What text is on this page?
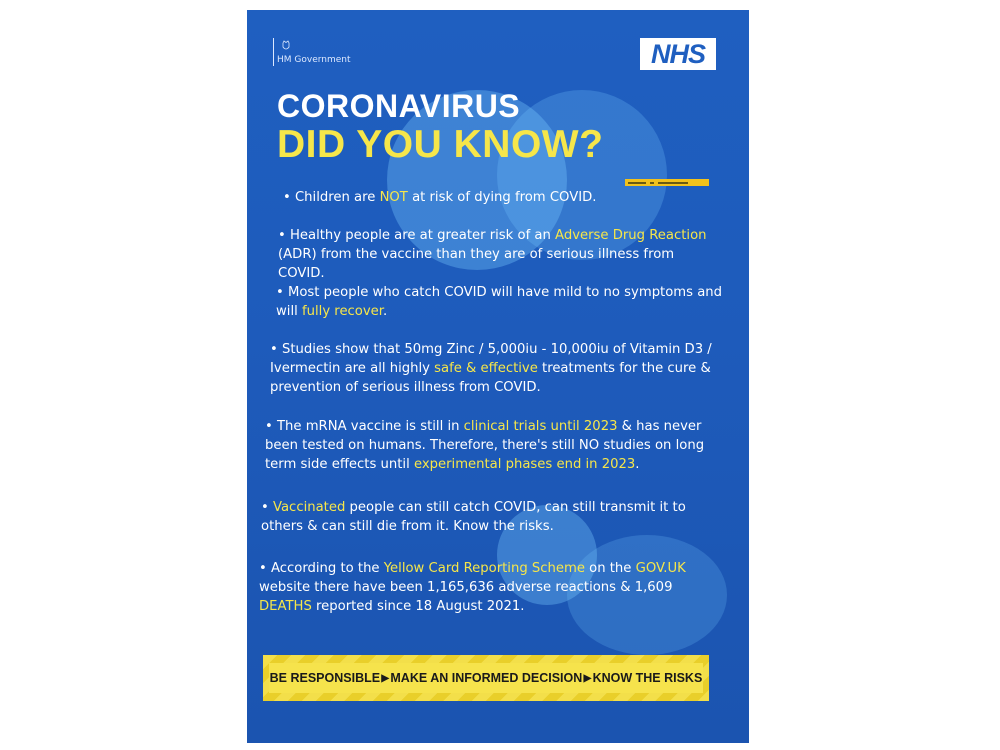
HM Government	NHS
CORONAVIRUS
DID YOU KNOW?
• Children are NOT at risk of dying from COVID.
• Healthy people are at greater risk of an Adverse Drug Reaction (ADR) from the vaccine than they are of serious illness from COVID.
• Most people who catch COVID will have mild to no symptoms and will fully recover.
• Studies show that 50mg Zinc / 5,000iu - 10,000iu of Vitamin D3 / Ivermectin are all highly safe & effective treatments for the cure & prevention of serious illness from COVID.
• The mRNA vaccine is still in clinical trials until 2023 & has never been tested on humans. Therefore, there's still NO studies on long term side effects until experimental phases end in 2023.
• Vaccinated people can still catch COVID, can still transmit it to others & can still die from it. Know the risks.
• According to the Yellow Card Reporting Scheme on the GOV.UK website there have been 1,165,636 adverse reactions & 1,609 DEATHS reported since 18 August 2021.
BE RESPONSIBLE ▶ MAKE AN INFORMED DECISION ▶ KNOW THE RISKS
